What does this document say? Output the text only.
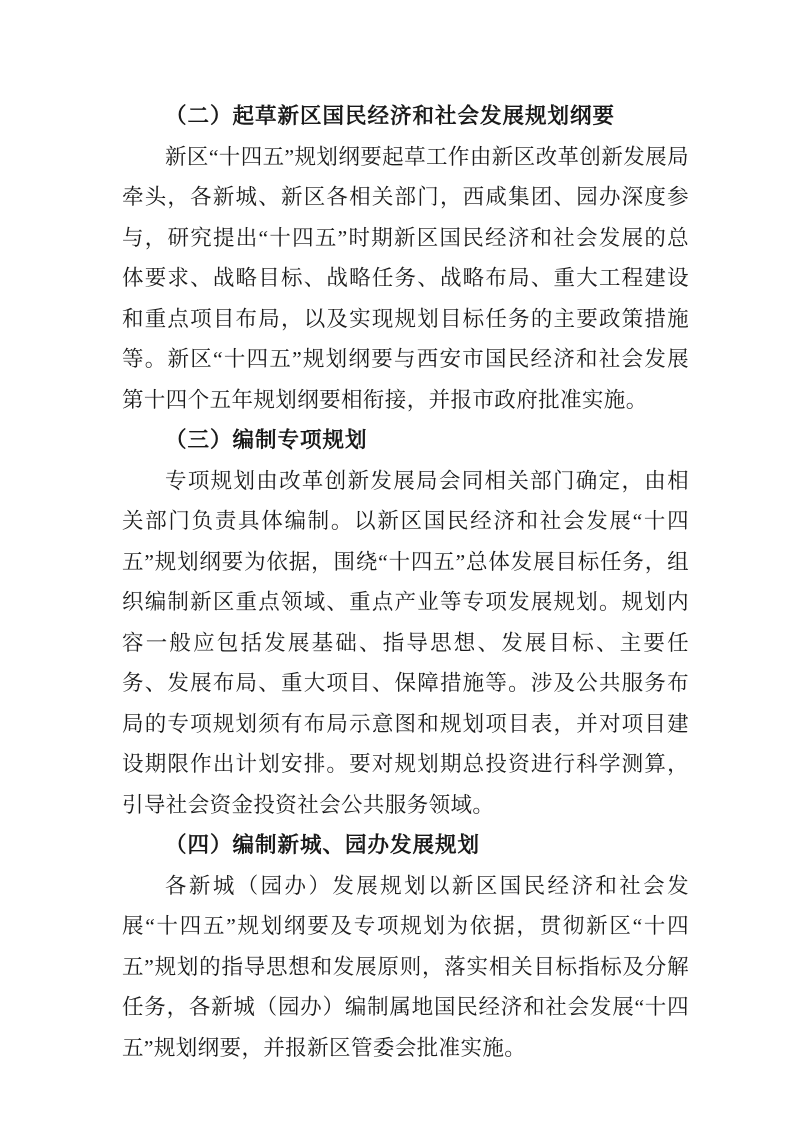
（二）起草新区国民经济和社会发展规划纲要

新区“十四五”规划纲要起草工作由新区改革创新发展局牵头，各新城、新区各相关部门，西咸集团、园办深度参与，研究提出“十四五”时期新区国民经济和社会发展的总体要求、战略目标、战略任务、战略布局、重大工程建设和重点项目布局，以及实现规划目标任务的主要政策措施等。新区“十四五”规划纲要与西安市国民经济和社会发展第十四个五年规划纲要相衔接，并报市政府批准实施。

（三）编制专项规划

专项规划由改革创新发展局会同相关部门确定，由相关部门负责具体编制。以新区国民经济和社会发展“十四五”规划纲要为依据，围绕“十四五”总体发展目标任务，组织编制新区重点领域、重点产业等专项发展规划。规划内容一般应包括发展基础、指导思想、发展目标、主要任务、发展布局、重大项目、保障措施等。涉及公共服务布局的专项规划须有布局示意图和规划项目表，并对项目建设期限作出计划安排。要对规划期总投资进行科学测算，引导社会资金投资社会公共服务领域。

（四）编制新城、园办发展规划

各新城（园办）发展规划以新区国民经济和社会发展“十四五”规划纲要及专项规划为依据，贯彻新区“十四五”规划的指导思想和发展原则，落实相关目标指标及分解任务，各新城（园办）编制属地国民经济和社会发展“十四五”规划纲要，并报新区管委会批准实施。
